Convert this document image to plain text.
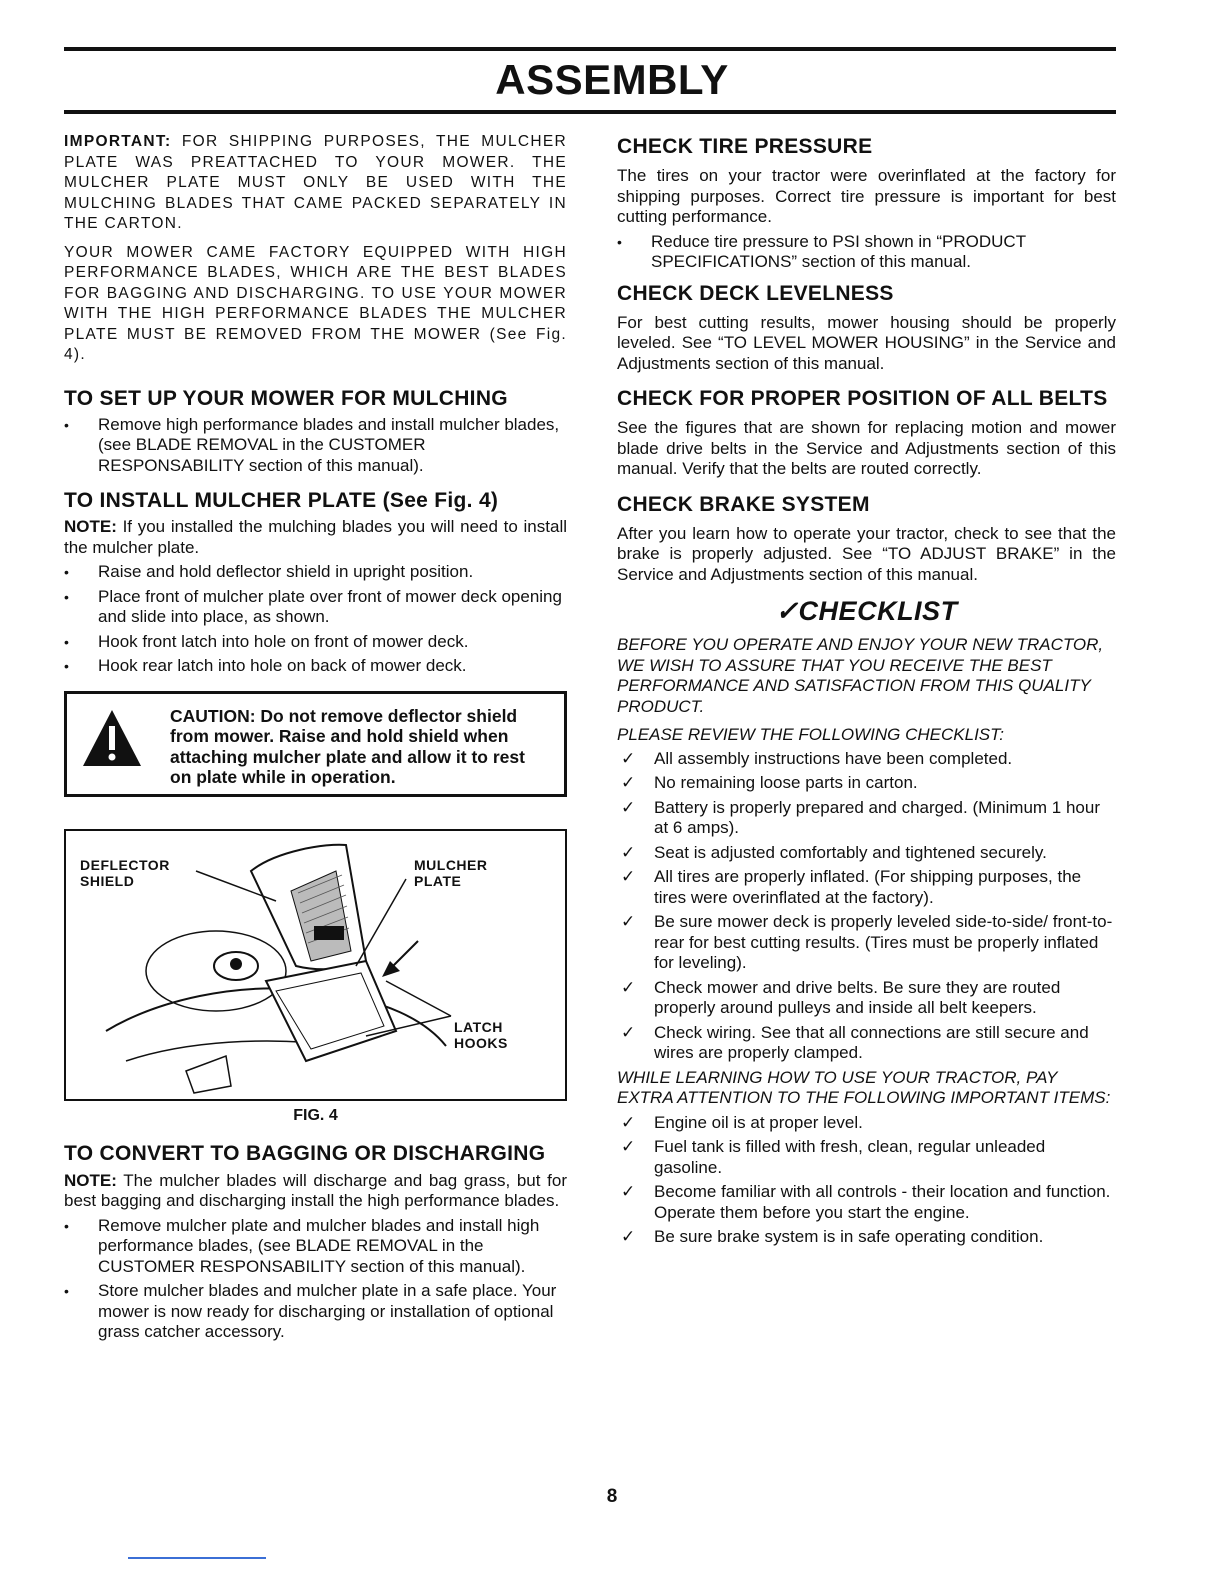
ASSEMBLY

IMPORTANT: FOR SHIPPING PURPOSES, THE MULCHER PLATE WAS PREATTACHED TO YOUR MOWER. THE MULCHER PLATE MUST ONLY BE USED WITH THE MULCHING BLADES THAT CAME PACKED SEPARATELY IN THE CARTON.

YOUR MOWER CAME FACTORY EQUIPPED WITH HIGH PERFORMANCE BLADES, WHICH ARE THE BEST BLADES FOR BAGGING AND DISCHARGING. TO USE YOUR MOWER WITH THE HIGH PERFORMANCE BLADES THE MULCHER PLATE MUST BE REMOVED FROM THE MOWER (See Fig. 4).

TO SET UP YOUR MOWER FOR MULCHING
• Remove high performance blades and install mulcher blades, (see BLADE REMOVAL in the CUSTOMER RESPONSABILITY section of this manual).
TO INSTALL MULCHER PLATE (See Fig. 4)

NOTE: If you installed the mulching blades you will need to install the mulcher plate.

• Raise and hold deflector shield in upright position.
• Place front of mulcher plate over front of mower deck opening and slide into place, as shown.
• Hook front latch into hole on front of mower deck.
• Hook rear latch into hole on back of mower deck.
CAUTION: Do not remove deflector shield from mower. Raise and hold shield when attaching mulcher plate and allow it to rest on plate while in operation.
DEFLECTOR SHIELD
MULCHER PLATE
LATCH HOOKS
FIG. 4
TO CONVERT TO BAGGING OR DISCHARGING

NOTE: The mulcher blades will discharge and bag grass, but for best bagging and discharging install the high performance blades.

• Remove mulcher plate and mulcher blades and install high performance blades, (see BLADE REMOVAL in the CUSTOMER RESPONSABILITY section of this manual).
• Store mulcher blades and mulcher plate in a safe place. Your mower is now ready for discharging or installation of optional grass catcher accessory.
CHECK TIRE PRESSURE

The tires on your tractor were overinflated at the factory for shipping purposes. Correct tire pressure is important for best cutting performance.

• Reduce tire pressure to PSI shown in “PRODUCT SPECIFICATIONS” section of this manual.
CHECK DECK LEVELNESS

For best cutting results, mower housing should be properly leveled. See “TO LEVEL MOWER HOUSING” in the Service and Adjustments section of this manual.

CHECK FOR PROPER POSITION OF ALL BELTS

See the figures that are shown for replacing motion and mower blade drive belts in the Service and Adjustments section of this manual. Verify that the belts are routed correctly.

CHECK BRAKE SYSTEM

After you learn how to operate your tractor, check to see that the brake is properly adjusted. See “TO ADJUST BRAKE” in the Service and Adjustments section of this manual.

✓CHECKLIST

BEFORE YOU OPERATE AND ENJOY YOUR NEW TRACTOR, WE WISH TO ASSURE THAT YOU RECEIVE THE BEST PERFORMANCE AND SATISFACTION FROM THIS QUALITY PRODUCT.

PLEASE REVIEW THE FOLLOWING CHECKLIST:

✓ All assembly instructions have been completed.
✓ No remaining loose parts in carton.
✓ Battery is properly prepared and charged. (Minimum 1 hour at 6 amps).
✓ Seat is adjusted comfortably and tightened securely.
✓ All tires are properly inflated. (For shipping purposes, the tires were overinflated at the factory).
✓ Be sure mower deck is properly leveled side-to-side/ front-to-rear for best cutting results. (Tires must be properly inflated for leveling).
✓ Check mower and drive belts. Be sure they are routed properly around pulleys and inside all belt keepers.
✓ Check wiring. See that all connections are still secure and wires are properly clamped.

WHILE LEARNING HOW TO USE YOUR TRACTOR, PAY EXTRA ATTENTION TO THE FOLLOWING IMPORTANT ITEMS:

✓ Engine oil is at proper level.
✓ Fuel tank is filled with fresh, clean, regular unleaded gasoline.
✓ Become familiar with all controls - their location and function. Operate them before you start the engine.
✓ Be sure brake system is in safe operating condition.
8
